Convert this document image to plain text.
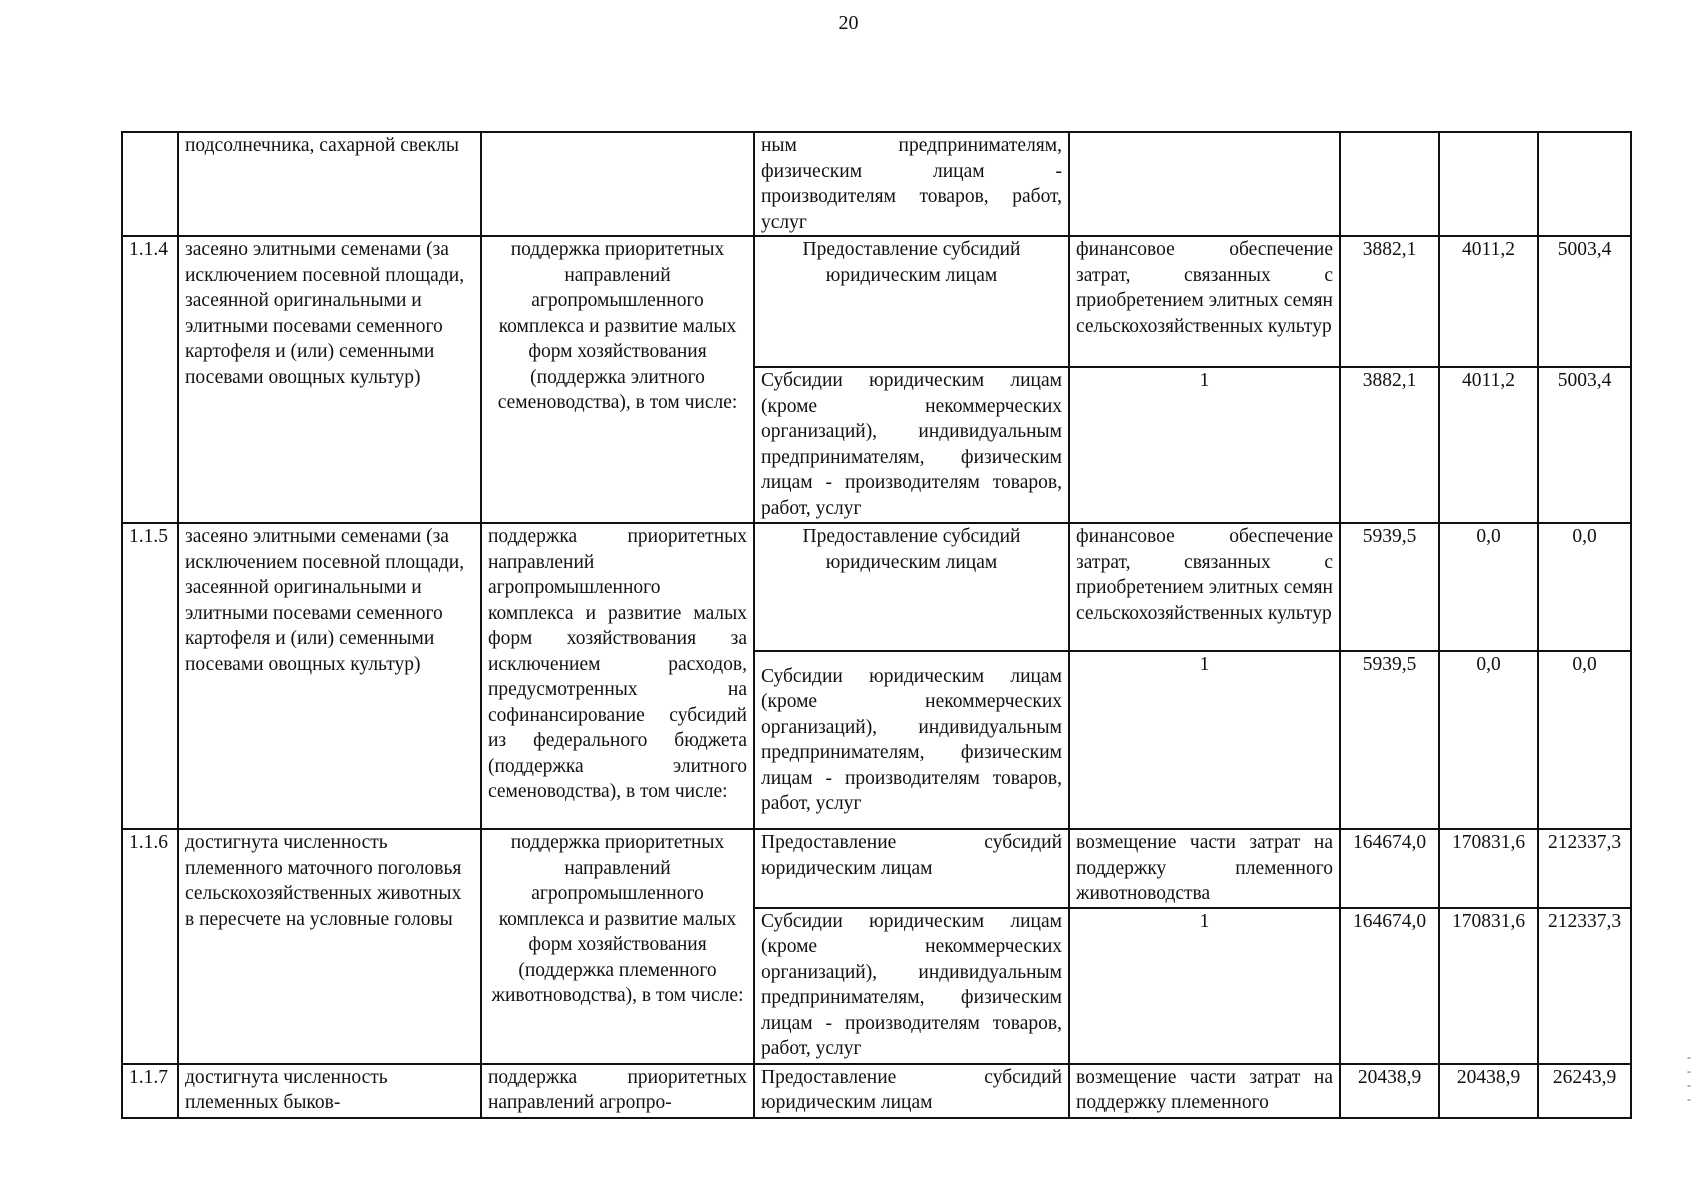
20
	подсолнечника, сахарной свеклы		ным предпринимателям, физическим лицам - производителям товаров, работ, услуг				
1.1.4	засеяно элитными семенами (за исключением посевной площади, засеянной оригинальными и элитными посевами семенного картофеля и (или) семенными посевами овощных культур)	поддержка приоритетных направлений агропромышленного комплекса и развитие малых форм хозяйствования (поддержка элитного семеноводства), в том числе:	Предоставление субсидий юридическим лицам	финансовое обеспечение затрат, связанных с приобретением элитных семян сельскохозяйственных культур	3882,1	4011,2	5003,4
			Субсидии юридическим лицам (кроме некоммерческих организаций), индивидуальным предпринимателям, физическим лицам - производителям товаров, работ, услуг	1	3882,1	4011,2	5003,4
1.1.5	засеяно элитными семенами (за исключением посевной площади, засеянной оригинальными и элитными посевами семенного картофеля и (или) семенными посевами овощных культур)	поддержка приоритетных направлений агропромышленного комплекса и развитие малых форм хозяйствования за исключением расходов, предусмотренных на софинансирование субсидий из федерального бюджета (поддержка элитного семеноводства), в том числе:	Предоставление субсидий юридическим лицам	финансовое обеспечение затрат, связанных с приобретением элитных семян сельскохозяйственных культур	5939,5	0,0	0,0
			Субсидии юридическим лицам (кроме некоммерческих организаций), индивидуальным предпринимателям, физическим лицам - производителям товаров, работ, услуг	1	5939,5	0,0	0,0
1.1.6	достигнута численность племенного маточного поголовья сельскохозяйственных животных в пересчете на условные головы	поддержка приоритетных направлений агропромышленного комплекса и развитие малых форм хозяйствования (поддержка племенного животноводства), в том числе:	Предоставление субсидий юридическим лицам	возмещение части затрат на поддержку племенного животноводства	164674,0	170831,6	212337,3
			Субсидии юридическим лицам (кроме некоммерческих организаций), индивидуальным предпринимателям, физическим лицам - производителям товаров, работ, услуг	1	164674,0	170831,6	212337,3
1.1.7	достигнута численность племенных быков-	поддержка приоритетных направлений агропро-	Предоставление субсидий юридическим лицам	возмещение части затрат на поддержку племенного	20438,9	20438,9	26243,9
-
-
-
-
